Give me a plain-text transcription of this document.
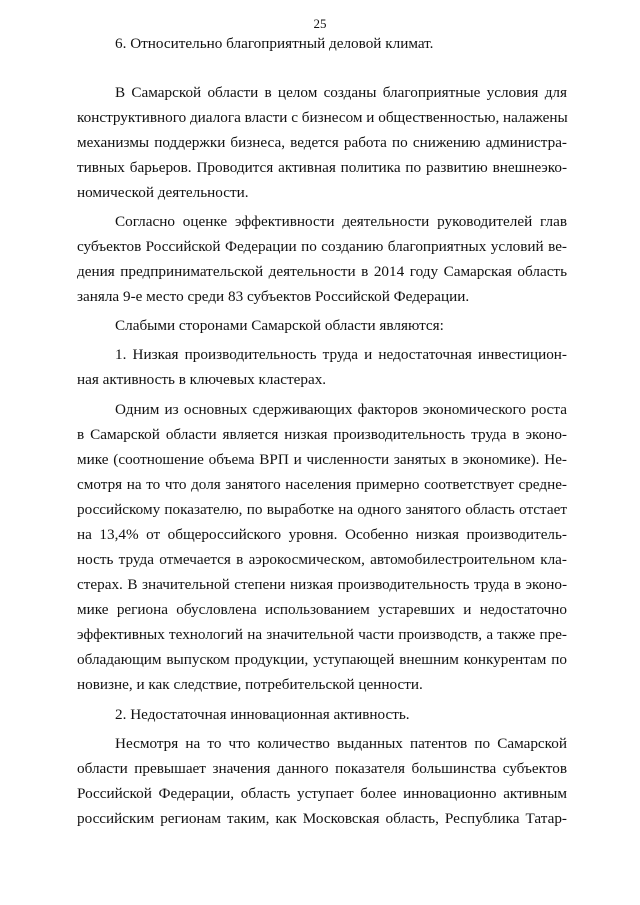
25
6. Относительно благоприятный деловой климат.
В Самарской области в целом созданы благоприятные условия для
конструктивного диалога власти с бизнесом и общественностью, налажены
механизмы поддержки бизнеса, ведется работа по снижению администра-
тивных барьеров. Проводится активная политика по развитию внешнеэко-
номической деятельности.
Согласно оценке эффективности деятельности руководителей глав
субъектов Российской Федерации по созданию благоприятных условий ве-
дения предпринимательской деятельности в 2014 году Самарская область
заняла 9-е место среди 83 субъектов Российской Федерации.
Слабыми сторонами Самарской области являются:
1. Низкая производительность труда и недостаточная инвестицион-
ная активность в ключевых кластерах.
Одним из основных сдерживающих факторов экономического роста
в Самарской области является низкая производительность труда в эконо-
мике (соотношение объема ВРП и численности занятых в экономике). Не-
смотря на то что доля занятого населения примерно соответствует средне-
российскому показателю, по выработке на одного занятого область отстает
на 13,4% от общероссийского уровня. Особенно низкая производитель-
ность труда отмечается в аэрокосмическом, автомобилестроительном кла-
стерах. В значительной степени низкая производительность труда в эконо-
мике региона обусловлена использованием устаревших и недостаточно
эффективных технологий на значительной части производств, а также пре-
обладающим выпуском продукции, уступающей внешним конкурентам по
новизне, и как следствие, потребительской ценности.
2. Недостаточная инновационная активность.
Несмотря на то что количество выданных патентов по Самарской
области превышает значения данного показателя большинства субъектов
Российской Федерации, область уступает более инновационно активным
российским регионам таким, как Московская область, Республика Татар-
